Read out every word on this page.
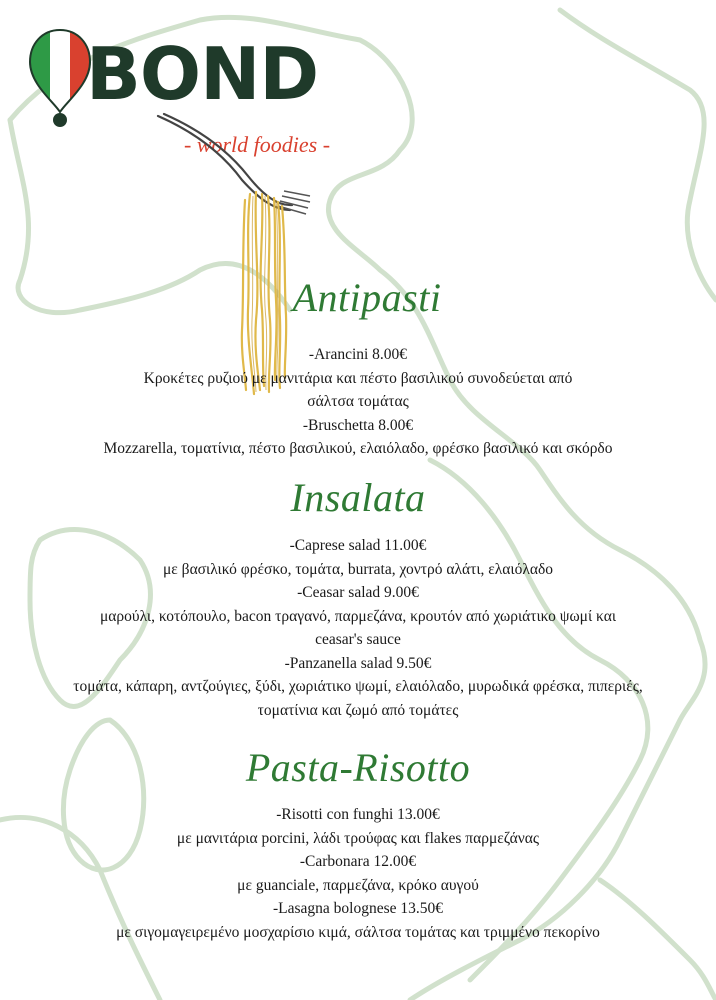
BOND
- world foodies -
Antipasti
-Arancini 8.00€
Κροκέτες ρυζιού με μανιτάρια και πέστο βασιλικού συνοδεύεται από
σάλτσα τομάτας
-Bruschetta 8.00€
Mozzarella, τοματίνια, πέστο βασιλικού, ελαιόλαδο, φρέσκο βασιλικό και σκόρδο
Insalata
-Caprese salad 11.00€
με βασιλικό φρέσκο, τομάτα, burrata, χοντρό αλάτι, ελαιόλαδο
-Ceasar salad 9.00€
μαρούλι, κοτόπουλο, bacon τραγανό, παρμεζάνα, κρουτόν από χωριάτικο ψωμί και
ceasar's sauce
-Panzanella salad 9.50€
τομάτα, κάπαρη, αντζούγιες, ξύδι, χωριάτικο ψωμί, ελαιόλαδο, μυρωδικά φρέσκα, πιπεριές,
τοματίνια και ζωμό από τομάτες
Pasta-Risotto
-Risotti con funghi 13.00€
με μανιτάρια porcini, λάδι τρούφας και flakes παρμεζάνας
-Carbonara 12.00€
με guanciale, παρμεζάνα, κρόκο αυγού
-Lasagna bolognese 13.50€
με σιγομαγειρεμένο μοσχαρίσιο κιμά, σάλτσα τομάτας και τριμμένο πεκορίνο
